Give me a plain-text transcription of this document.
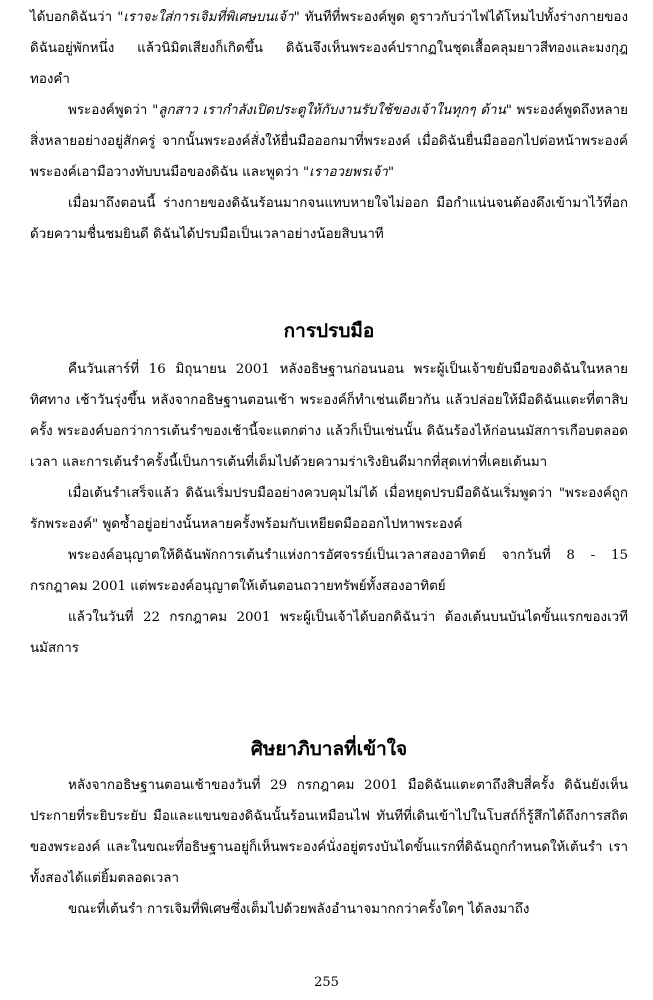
ได้บอกดิฉันว่า "เราจะใส่การเจิมที่พิเศษบนเจ้า" ทันทีที่พระองค์พูด ดูราวกับว่าไฟได้โหมไปทั้งร่างกายของดิฉันอยู่พักหนึ่ง แล้วนิมิตเสียงก็เกิดขึ้น ดิฉันจึงเห็นพระองค์ปรากฏในชุดเสื้อคลุมยาวสีทองและมงกุฎทองคำ

พระองค์พูดว่า "ลูกสาว เรากำลังเปิดประตูให้กับงานรับใช้ของเจ้าในทุกๆ ด้าน" พระองค์พูดถึงหลายสิ่งหลายอย่างอยู่สักครู่ จากนั้นพระองค์สั่งให้ยื่นมือออกมาที่พระองค์ เมื่อดิฉันยื่นมือออกไปต่อหน้าพระองค์ พระองค์เอามือวางทับบนมือของดิฉัน และพูดว่า "เราอวยพรเจ้า"

เมื่อมาถึงตอนนี้ ร่างกายของดิฉันร้อนมากจนแทบหายใจไม่ออก มือกำแน่นจนต้องดึงเข้ามาไว้ที่อก ด้วยความชื่นชมยินดี ดิฉันได้ปรบมือเป็นเวลาอย่างน้อยสิบนาที

การปรบมือ

คืนวันเสาร์ที่ 16 มิถุนายน 2001 หลังอธิษฐานก่อนนอน พระผู้เป็นเจ้าขยับมือของดิฉันในหลายทิศทาง เช้าวันรุ่งขึ้น หลังจากอธิษฐานตอนเช้า พระองค์ก็ทำเช่นเดียวกัน แล้วปล่อยให้มือดิฉันแตะที่ตาสิบครั้ง พระองค์บอกว่าการเต้นรำของเช้านี้จะแตกต่าง แล้วก็เป็นเช่นนั้น ดิฉันร้องไห้ก่อนนมัสการเกือบตลอดเวลา และการเต้นรำครั้งนี้เป็นการเต้นที่เต็มไปด้วยความร่าเริงยินดีมากที่สุดเท่าที่เคยเต้นมา

เมื่อเต้นรำเสร็จแล้ว ดิฉันเริ่มปรบมืออย่างควบคุมไม่ได้ เมื่อหยุดปรบมือดิฉันเริ่มพูดว่า "พระองค์ถูกรักพระองค์" พูดซ้ำอยู่อย่างนั้นหลายครั้งพร้อมกับเหยียดมือออกไปหาพระองค์

พระองค์อนุญาตให้ดิฉันพักการเต้นรำแห่งการอัศจรรย์เป็นเวลาสองอาทิตย์ จากวันที่ 8 - 15 กรกฎาคม 2001 แต่พระองค์อนุญาตให้เต้นตอนถวายทรัพย์ทั้งสองอาทิตย์

แล้วในวันที่ 22 กรกฎาคม 2001 พระผู้เป็นเจ้าได้บอกดิฉันว่า ต้องเต้นบนบันไดขั้นแรกของเวทีนมัสการ

ศิษยาภิบาลที่เข้าใจ

หลังจากอธิษฐานตอนเช้าของวันที่ 29 กรกฎาคม 2001 มือดิฉันแตะตาถึงสิบสี่ครั้ง ดิฉันยังเห็นประกายที่ระยิบระยับ มือและแขนของดิฉันนั้นร้อนเหมือนไฟ ทันทีที่เดินเข้าไปในโบสถ์ก็รู้สึกได้ถึงการสถิตของพระองค์ และในขณะที่อธิษฐานอยู่ก็เห็นพระองค์นั่งอยู่ตรงบันไดขั้นแรกที่ดิฉันถูกกำหนดให้เต้นรำ เราทั้งสองได้แต่ยิ้มตลอดเวลา

ขณะที่เต้นรำ การเจิมที่พิเศษซึ่งเต็มไปด้วยพลังอำนาจมากกว่าครั้งใดๆ ได้ลงมาถึง

255
